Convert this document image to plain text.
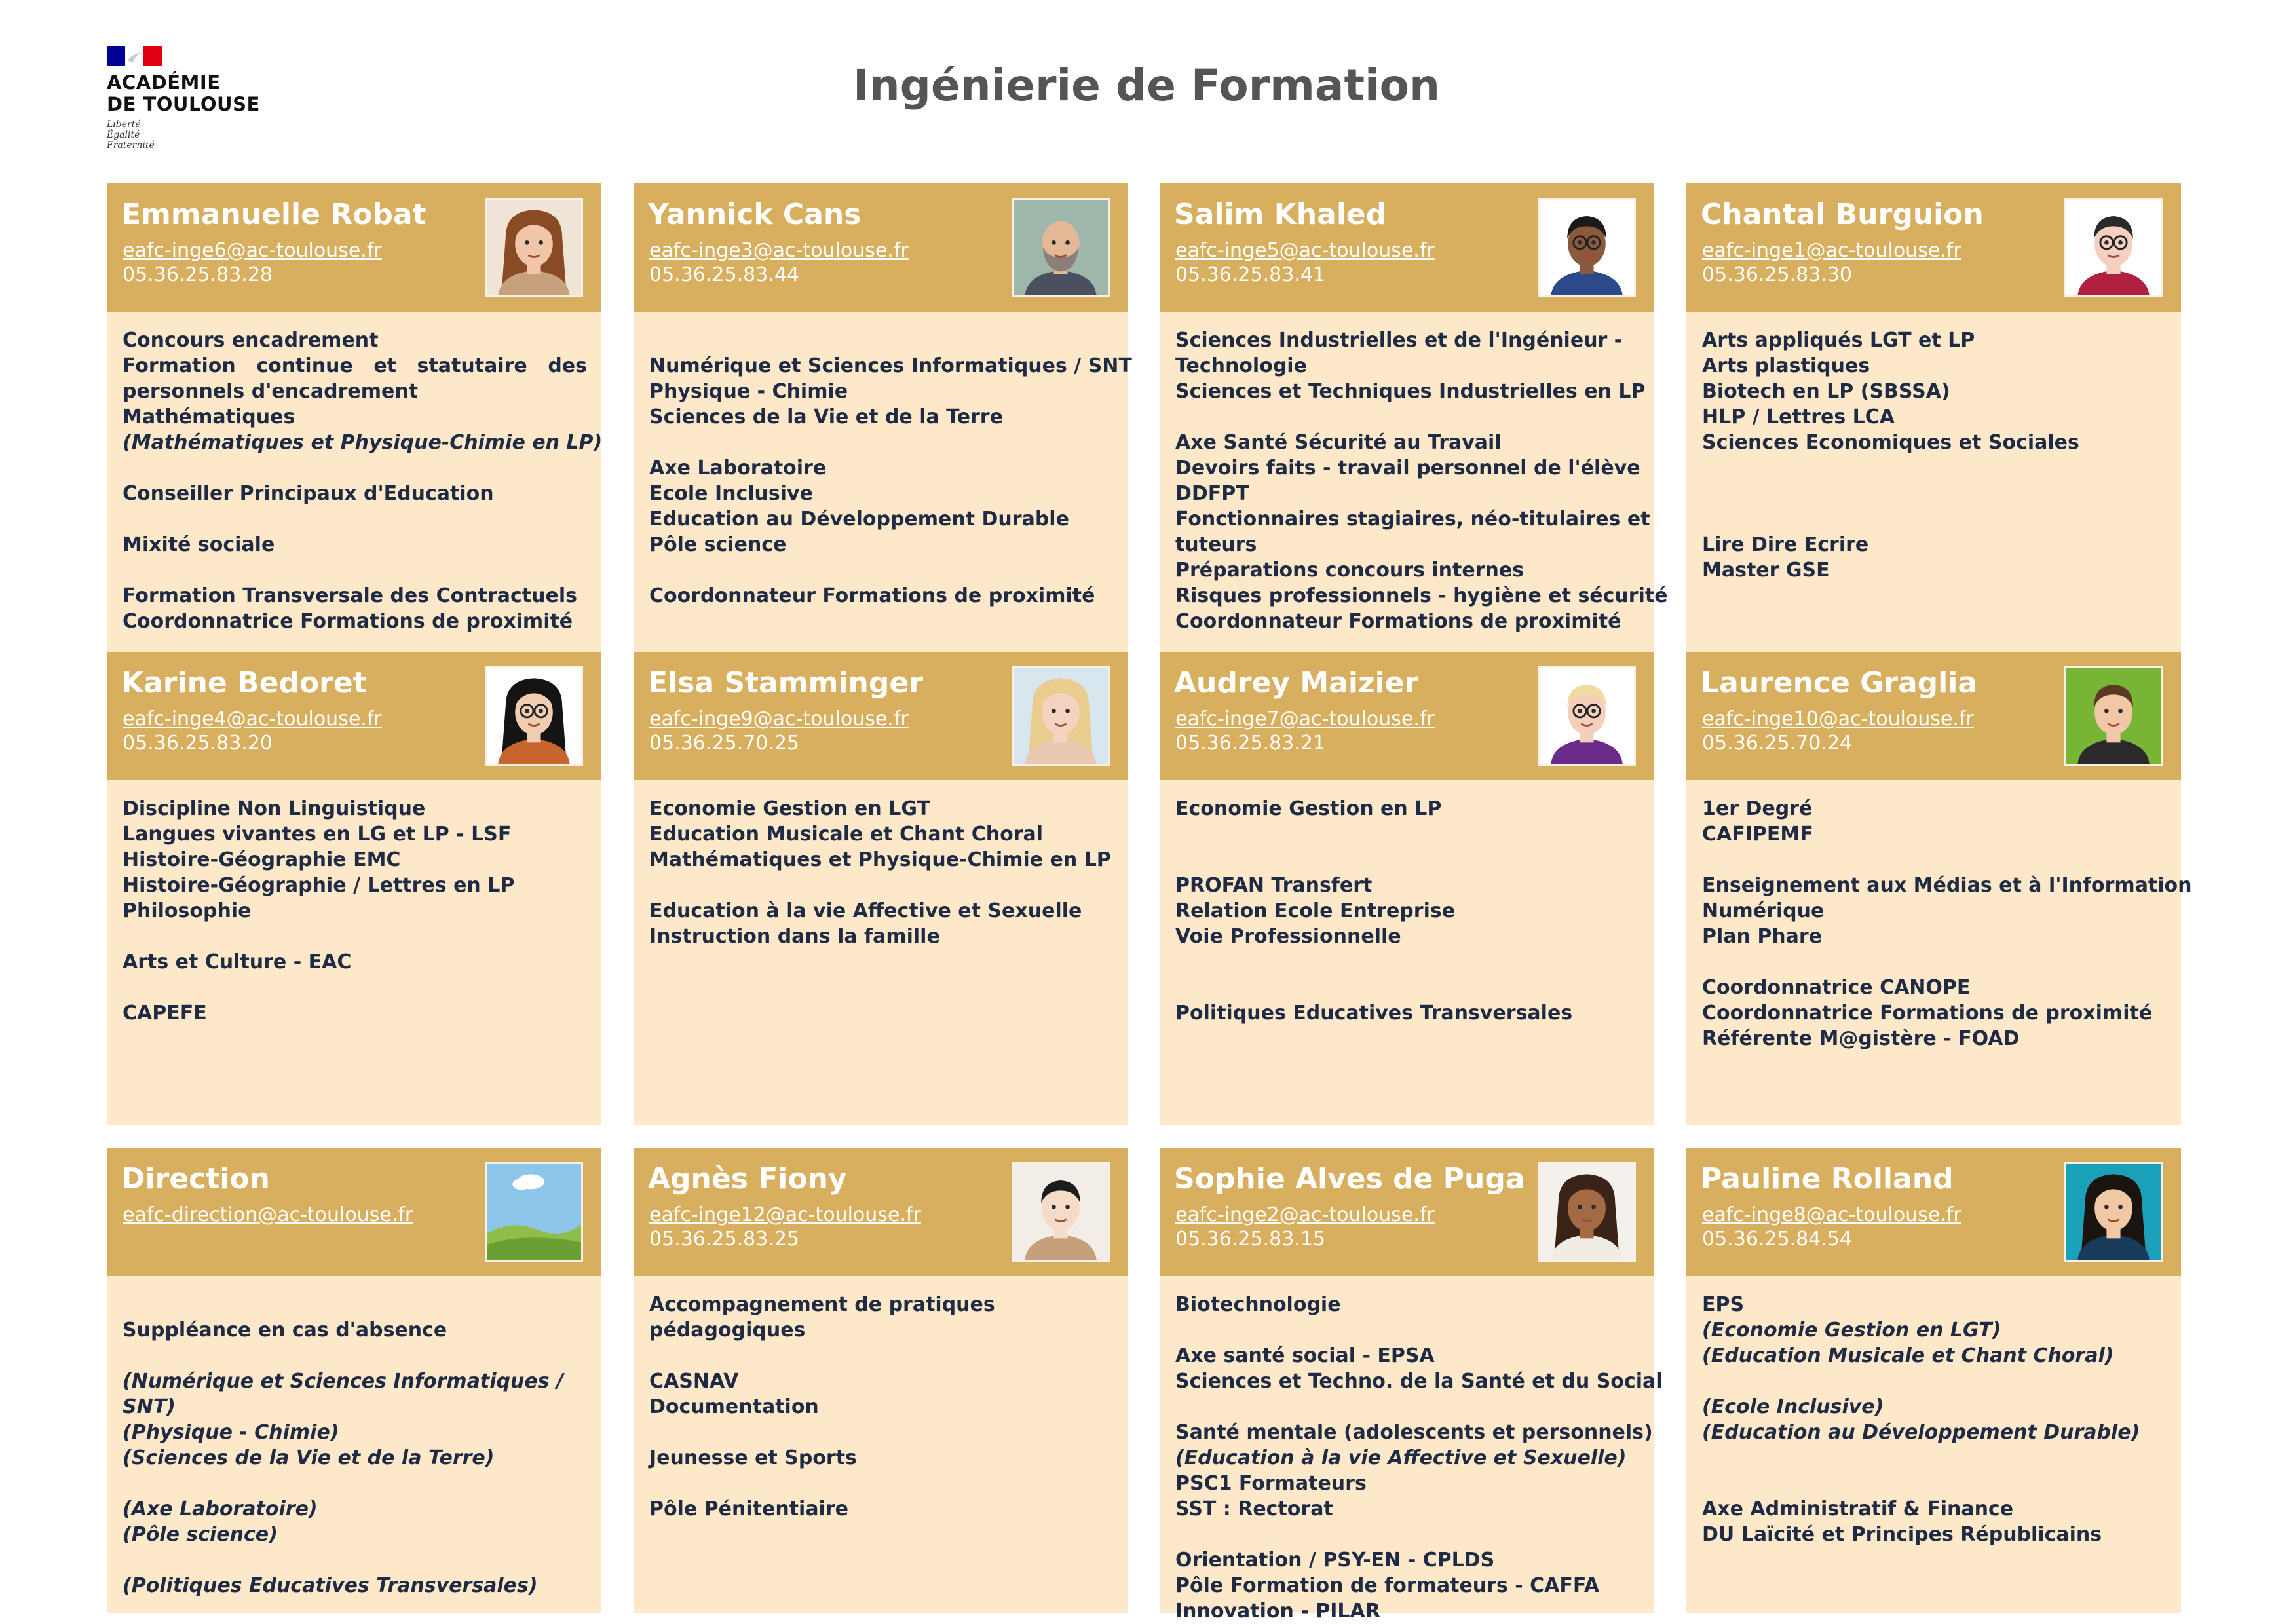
ACADÉMIE
DE TOULOUSE
Liberté
Égalité
Fraternité
Ingénierie de Formation
Emmanuelle Robat
eafc-inge6@ac-toulouse.fr
05.36.25.83.28
Concours encadrement
Formation continue et statutaire des personnels d'encadrement
Mathématiques
(Mathématiques et Physique-Chimie en LP)
Conseiller Principaux d'Education
Mixité sociale
Formation Transversale des Contractuels
Coordonnatrice Formations de proximité
Yannick Cans
eafc-inge3@ac-toulouse.fr
05.36.25.83.44
Numérique et Sciences Informatiques / SNT
Physique - Chimie
Sciences de la Vie et de la Terre
Axe Laboratoire
Ecole Inclusive
Education au Développement Durable
Pôle science
Coordonnateur Formations de proximité
Salim Khaled
eafc-inge5@ac-toulouse.fr
05.36.25.83.41
Sciences Industrielles et de l'Ingénieur -
Technologie
Sciences et Techniques Industrielles en LP
Axe Santé Sécurité au Travail
Devoirs faits - travail personnel de l'élève
DDFPT
Fonctionnaires stagiaires, néo-titulaires et
tuteurs
Préparations concours internes
Risques professionnels - hygiène et sécurité
Coordonnateur Formations de proximité
Chantal Burguion
eafc-inge1@ac-toulouse.fr
05.36.25.83.30
Arts appliqués LGT et LP
Arts plastiques
Biotech en LP (SBSSA)
HLP / Lettres LCA
Sciences Economiques et Sociales
Lire Dire Ecrire
Master GSE
Karine Bedoret
eafc-inge4@ac-toulouse.fr
05.36.25.83.20
Discipline Non Linguistique
Langues vivantes en LG et LP - LSF
Histoire-Géographie EMC
Histoire-Géographie / Lettres en LP
Philosophie
Arts et Culture - EAC
CAPEFE
Elsa Stamminger
eafc-inge9@ac-toulouse.fr
05.36.25.70.25
Economie Gestion en LGT
Education Musicale et Chant Choral
Mathématiques et Physique-Chimie en LP
Education à la vie Affective et Sexuelle
Instruction dans la famille
Audrey Maizier
eafc-inge7@ac-toulouse.fr
05.36.25.83.21
Economie Gestion en LP
PROFAN Transfert
Relation Ecole Entreprise
Voie Professionnelle
Politiques Educatives Transversales
Laurence Graglia
eafc-inge10@ac-toulouse.fr
05.36.25.70.24
1er Degré
CAFIPEMF
Enseignement aux Médias et à l'Information
Numérique
Plan Phare
Coordonnatrice CANOPE
Coordonnatrice Formations de proximité
Référente M@gistère - FOAD
Direction
eafc-direction@ac-toulouse.fr
Suppléance en cas d'absence
(Numérique et Sciences Informatiques /
SNT)
(Physique - Chimie)
(Sciences de la Vie et de la Terre)
(Axe Laboratoire)
(Pôle science)
(Politiques Educatives Transversales)
Agnès Fiony
eafc-inge12@ac-toulouse.fr
05.36.25.83.25
Accompagnement de pratiques
pédagogiques
CASNAV
Documentation
Jeunesse et Sports
Pôle Pénitentiaire
Sophie Alves de Puga
eafc-inge2@ac-toulouse.fr
05.36.25.83.15
Biotechnologie
Axe santé social - EPSA
Sciences et Techno. de la Santé et du Social
Santé mentale (adolescents et personnels)
(Education à la vie Affective et Sexuelle)
PSC1 Formateurs
SST : Rectorat
Orientation / PSY-EN - CPLDS
Pôle Formation de formateurs - CAFFA
Innovation - PILAR
Pauline Rolland
eafc-inge8@ac-toulouse.fr
05.36.25.84.54
EPS
(Economie Gestion en LGT)
(Education Musicale et Chant Choral)
(Ecole Inclusive)
(Education au Développement Durable)
Axe Administratif & Finance
DU Laïcité et Principes Républicains
